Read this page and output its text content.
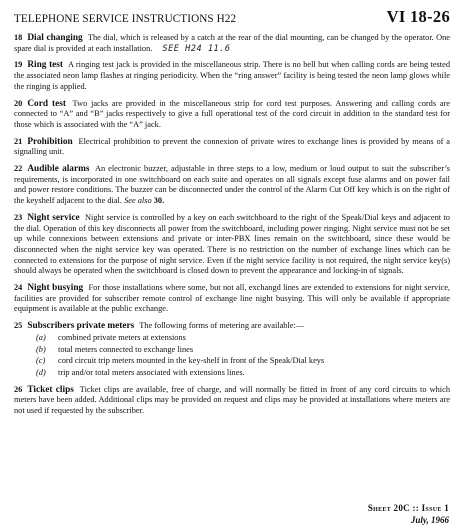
TELEPHONE SERVICE INSTRUCTIONS H22	VI 18-26

18 Dial changing The dial, which is released by a catch at the rear of the dial mounting, can be changed by the operator. One spare dial is provided at each installation. SEE H24 11.6

19 Ring test A ringing test jack is provided in the miscellaneous strip. There is no bell but when calling cords are being tested the associated neon lamp flashes at ringing periodicity. When the “ring answer” facility is being tested the neon lamp glows while the ringing is applied.

20 Cord test Two jacks are provided in the miscellaneous strip for cord test purposes. Answering and calling cords are connected to “A” and “B” jacks respectively to give a full operational test of the cord circuit in addition to the standard test for those which is associated with the “A” jack.

21 Prohibition Electrical prohibition to prevent the connexion of private wires to exchange lines is provided by means of a signalling unit.

22 Audible alarms An electronic buzzer, adjustable in three steps to a low, medium or loud output to suit the subscriber’s requirements, is incorporated in one switchboard on each suite and operates on all signals except fuse alarms and on power fail and power restore conditions. The buzzer can be disconnected under the control of the Alarm Cut Off key which is on the right of the keyshelf adjacent to the dial. See also 30.

23 Night service Night service is controlled by a key on each switchboard to the right of the Speak/Dial keys and adjacent to the dial. Operation of this key disconnects all power from the switchboard, including power ringing. Night service must not be set up while connexions between extensions and private or inter-PBX lines remain on the switchboard, since these would be disconnected when the night service key was operated. There is no restriction on the number of exchange lines which can be connected to extensions for the purpose of night service. Even if the night service facility is not required, the night service key(s) should always be operated when the switchboard is closed down to prevent the appearance and locking-in of signals.

24 Night busying For those installations where some, but not all, exchangd lines are extended to extensions for night service, facilities are provided for subscriber remote control of exchange line night busying. This will only be available if appropriate equipment is available at the public exchange.

25 Subscribers private meters The following forms of metering are available:—

(a) combined private meters at extensions
(b) total meters connected to exchange lines
(c) cord circuit trip meters mounted in the key-shelf in front of the Speak/Dial keys
(d) trip and/or total meters associated with extensions lines.

26 Ticket clips Ticket clips are available, free of charge, and will normally be fitted in front of any cord circuits to which meters have been added. Additional clips may be provided on request and clips may be provided at installations where meters are not used if requested by the subscriber.

Sheet 20C :: Issue 1
July, 1966
